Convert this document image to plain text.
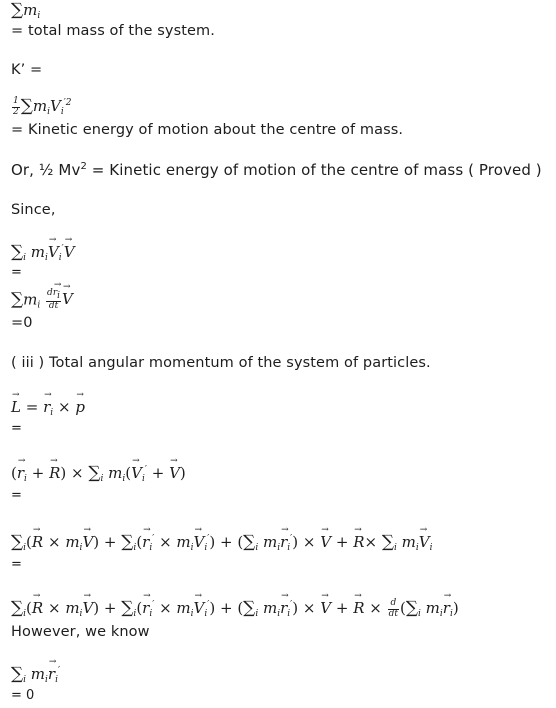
$\sum m_i$
= total mass of the system.
K’ =
$\frac{1}{2} \sum m_iV_i^{'2}$
= Kinetic energy of motion about the centre of mass.
Or, ½ $Mv^2$ = Kinetic energy of motion of the centre of mass ( Proved )
Since,
$\sum_i$ $m_i\to V_i'\to V$
=
$\sum m_i \frac{d\to r_i}{dt}$
→ V
=0
( iii ) Total angular momentum of the system of particles.
→ L = → $r_i$ × → p
=
(→ $r_i$ + → $R) \times \sum_i$ $m_i(\to V_i'$ + → V)
=
$\sum_i(\to R \times m_i\to V) + \sum_i(\to r_i' \times m_i\to V_i') + (\sum_i$ $m_i\to r_i'$) × → V + → $R\times \sum_i$ $m_i\to V_i$
=
$\sum_i(\to R \times m_i\to V) + \sum_i(\to r_i' \times m_i\to V_i') + (\sum_i$ $m_i\to r_i'$) × → V + → $R \times \frac{d}{dt} (\sum_i$ $m_i\to r_i$)
However, we know
$\sum_i$ $m_i\to r_i'$
= 0
